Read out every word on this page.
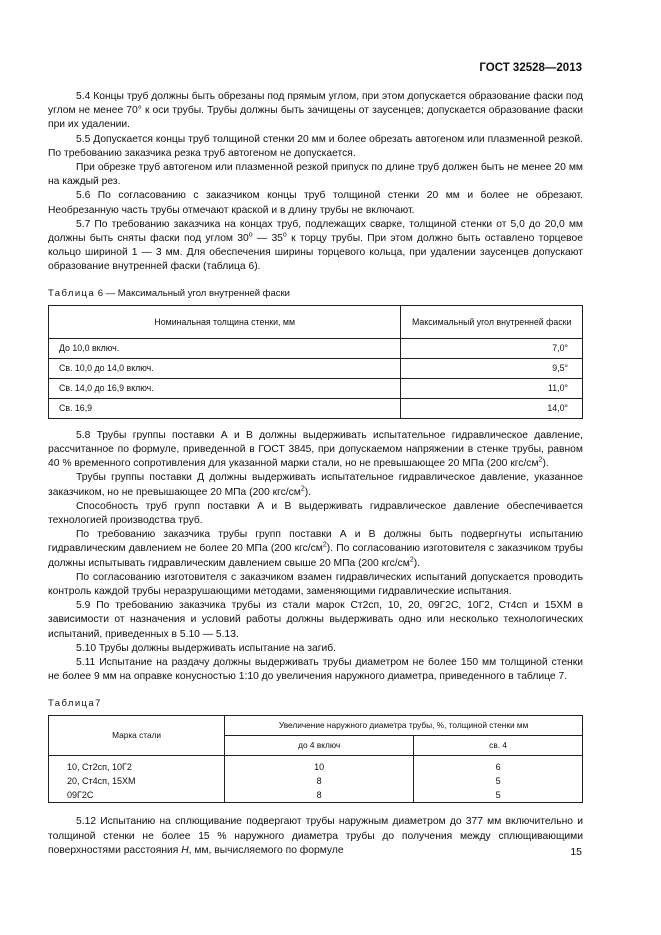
ГОСТ 32528—2013

5.4 Концы труб должны быть обрезаны под прямым углом, при этом допускается образование фаски под углом не менее 70° к оси трубы. Трубы должны быть зачищены от заусенцев; допускается образование фаски при их удалении.

5.5 Допускается концы труб толщиной стенки 20 мм и более обрезать автогеном или плазменной резкой. По требованию заказчика резка труб автогеном не допускается.

При обрезке труб автогеном или плазменной резкой припуск по длине труб должен быть не менее 20 мм на каждый рез.

5.6 По согласованию с заказчиком концы труб толщиной стенки 20 мм и более не обрезают. Необрезанную часть трубы отмечают краской и в длину трубы не включают.

5.7 По требованию заказчика на концах труб, подлежащих сварке, толщиной стенки от 5,0 до 20,0 мм должны быть сняты фаски под углом 30$^o$ — 35$^o$ к торцу трубы. При этом должно быть оставлено торцевое кольцо шириной 1 — 3 мм. Для обеспечения ширины торцевого кольца, при удалении заусенцев допускают образование внутренней фаски (таблица 6).

Таблица 6 — Максимальный угол внутренней фаски

Номинальная толщина стенки, мм	Максимальный угол внутренней фаски
До 10,0 включ.	7,0°
Св. 10,0 до 14,0 включ.	9,5°
Св. 14,0 до 16,9 включ.	11,0°
Св. 16,9	14,0°

5.8 Трубы группы поставки А и В должны выдерживать испытательное гидравлическое давление, рассчитанное по формуле, приведенной в ГОСТ 3845, при допускаемом напряжении в стенке трубы, равном 40 % временного сопротивления для указанной марки стали, но не превышающее 20 МПа (200 кгс/$см^2$).

Трубы группы поставки Д должны выдерживать испытательное гидравлическое давление, указанное заказчиком, но не превышающее 20 МПа (200 кгс/$см^2$).

Способность труб групп поставки А и В выдерживать гидравлическое давление обеспечивается технологией производства труб.

По требованию заказчика трубы групп поставки А и В должны быть подвергнуты испытанию гидравлическим давлением не более 20 МПа (200 кгс/$см^2$). По согласованию изготовителя с заказчиком трубы должны испытывать гидравлическим давлением свыше 20 МПа (200 кгс/$см^2$).

По согласованию изготовителя с заказчиком взамен гидравлических испытаний допускается проводить контроль каждой трубы неразрушающими методами, заменяющими гидравлические испытания.

5.9 По требованию заказчика трубы из стали марок Ст2сп, 10, 20, 09Г2С, 10Г2, Ст4сп и 15ХМ в зависимости от назначения и условий работы должны выдерживать одно или несколько технологических испытаний, приведенных в 5.10 — 5.13.

5.10 Трубы должны выдерживать испытание на загиб.

5.11 Испытание на раздачу должны выдерживать трубы диаметром не более 150 мм толщиной стенки не более 9 мм на оправке конусностью 1:10 до увеличения наружного диаметра, приведенного в таблице 7.

Таблица7

Марка стали	Увеличение наружного диаметра трубы, %, толщиной стенки мм	
	до 4 включ	св. 4
10, Ст2сп, 10Г2	10	6
20, Ст4сп, 15ХМ	8	5
09Г2С	8	5

5.12 Испытанию на сплющивание подвергают трубы наружным диаметром до 377 мм включительно и толщиной стенки не более 15 % наружного диаметра трубы до получения между сплющивающими поверхностями расстояния H, мм, вычисляемого по формуле	15
